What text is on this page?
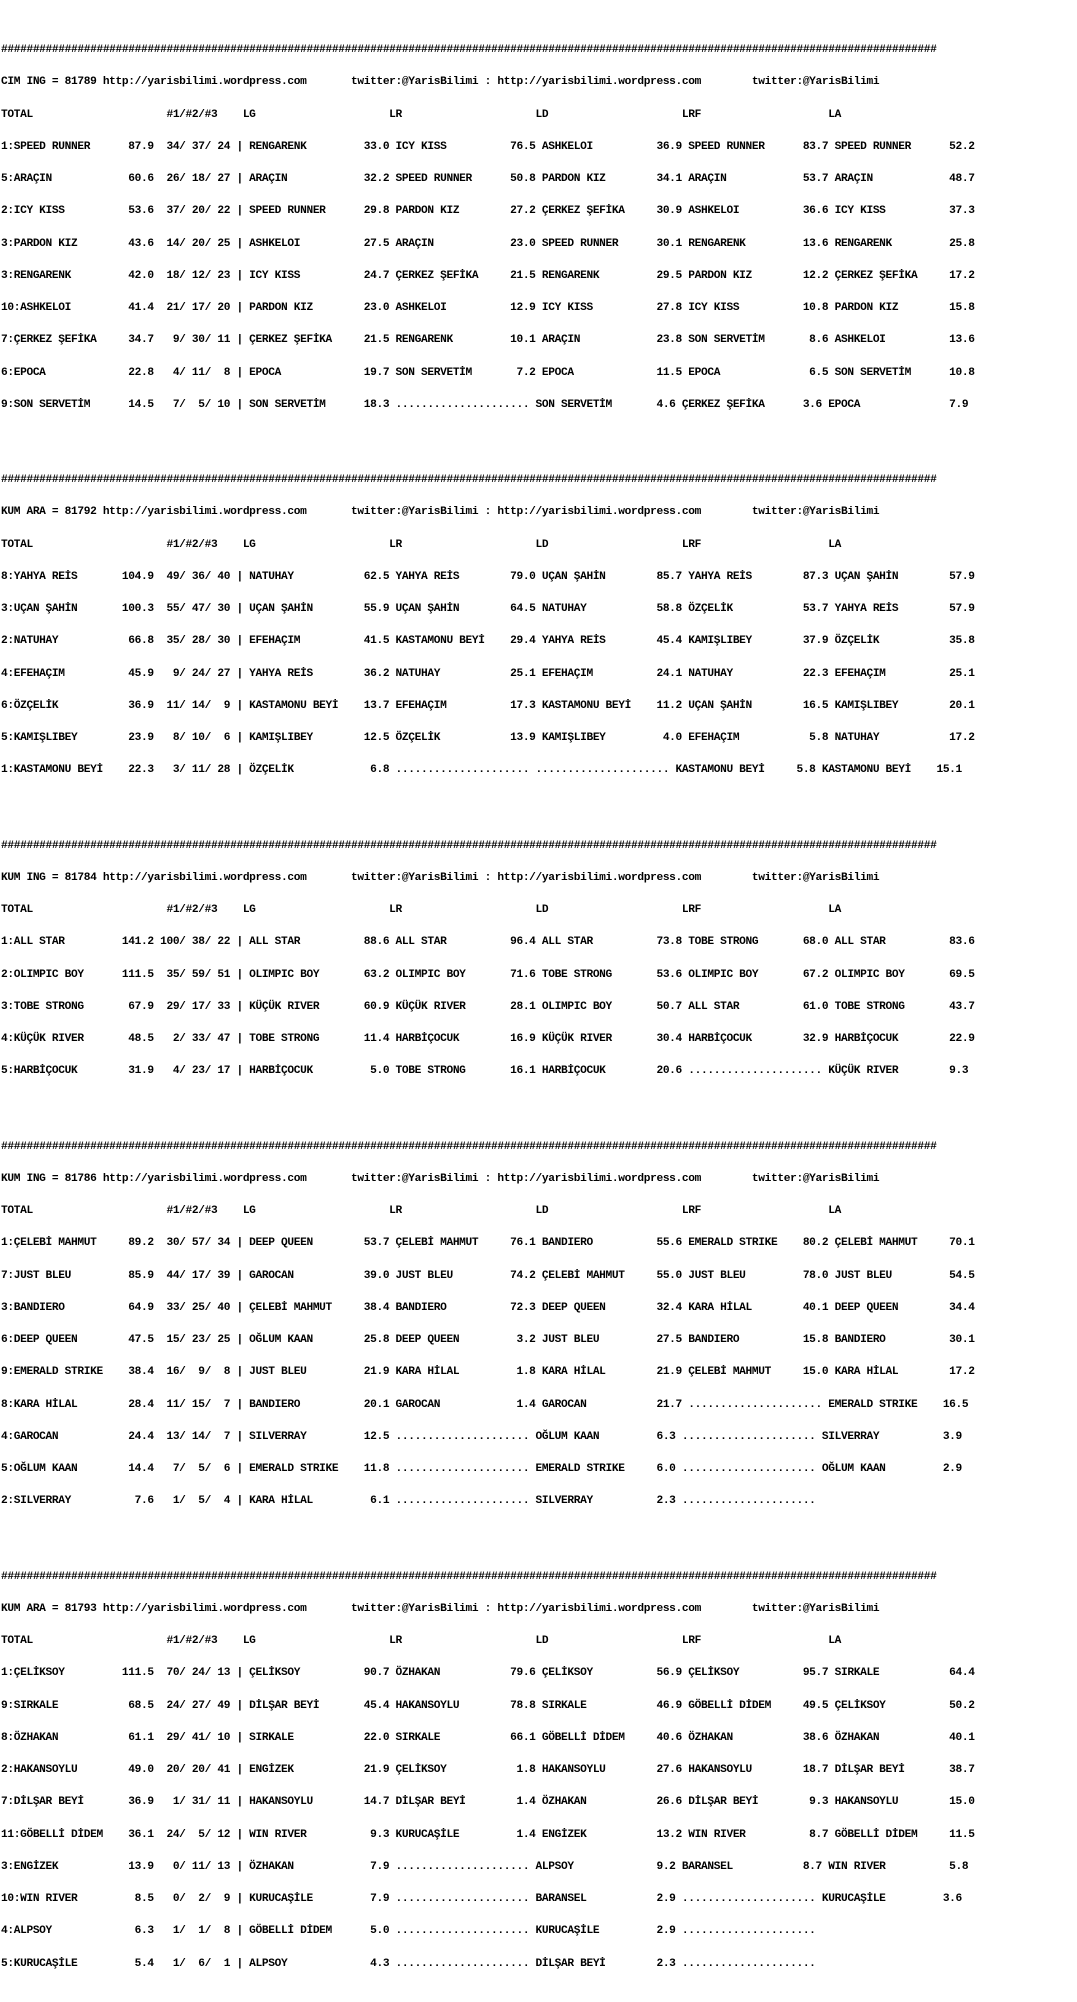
###################################################################################################################################################

CIM ING = 81789 http://yarisbilimi.wordpress.com       twitter:@YarisBilimi : http://yarisbilimi.wordpress.com        twitter:@YarisBilimi

TOTAL                     #1/#2/#3    LG                     LR                     LD                     LRF                    LA

1:SPEED RUNNER      87.9  34/ 37/ 24 | RENGARENK         33.0 ICY KISS          76.5 ASHKELOI          36.9 SPEED RUNNER      83.7 SPEED RUNNER      52.2

5:ARAÇIN            60.6  26/ 18/ 27 | ARAÇIN            32.2 SPEED RUNNER      50.8 PARDON KIZ        34.1 ARAÇIN            53.7 ARAÇIN            48.7

2:ICY KISS          53.6  37/ 20/ 22 | SPEED RUNNER      29.8 PARDON KIZ        27.2 ÇERKEZ ŞEFİKA     30.9 ASHKELOI          36.6 ICY KISS          37.3

3:PARDON KIZ        43.6  14/ 20/ 25 | ASHKELOI          27.5 ARAÇIN            23.0 SPEED RUNNER      30.1 RENGARENK         13.6 RENGARENK         25.8

3:RENGARENK         42.0  18/ 12/ 23 | ICY KISS          24.7 ÇERKEZ ŞEFİKA     21.5 RENGARENK         29.5 PARDON KIZ        12.2 ÇERKEZ ŞEFİKA     17.2

10:ASHKELOI         41.4  21/ 17/ 20 | PARDON KIZ        23.0 ASHKELOI          12.9 ICY KISS          27.8 ICY KISS          10.8 PARDON KIZ        15.8

7:ÇERKEZ ŞEFİKA     34.7   9/ 30/ 11 | ÇERKEZ ŞEFİKA     21.5 RENGARENK         10.1 ARAÇIN            23.8 SON SERVETİM       8.6 ASHKELOI          13.6

6:EPOCA             22.8   4/ 11/  8 | EPOCA             19.7 SON SERVETİM       7.2 EPOCA             11.5 EPOCA              6.5 SON SERVETİM      10.8

9:SON SERVETİM      14.5   7/  5/ 10 | SON SERVETİM      18.3 ..................... SON SERVETİM       4.6 ÇERKEZ ŞEFİKA      3.6 EPOCA              7.9

###################################################################################################################################################

KUM ARA = 81792 http://yarisbilimi.wordpress.com       twitter:@YarisBilimi : http://yarisbilimi.wordpress.com        twitter:@YarisBilimi

TOTAL                     #1/#2/#3    LG                     LR                     LD                     LRF                    LA

8:YAHYA REİS       104.9  49/ 36/ 40 | NATUHAY           62.5 YAHYA REİS        79.0 UÇAN ŞAHİN        85.7 YAHYA REİS        87.3 UÇAN ŞAHİN        57.9

3:UÇAN ŞAHİN       100.3  55/ 47/ 30 | UÇAN ŞAHİN        55.9 UÇAN ŞAHİN        64.5 NATUHAY           58.8 ÖZÇELİK           53.7 YAHYA REİS        57.9

2:NATUHAY           66.8  35/ 28/ 30 | EFEHAÇIM          41.5 KASTAMONU BEYİ    29.4 YAHYA REİS        45.4 KAMIŞLIBEY        37.9 ÖZÇELİK           35.8

4:EFEHAÇIM          45.9   9/ 24/ 27 | YAHYA REİS        36.2 NATUHAY           25.1 EFEHAÇIM          24.1 NATUHAY           22.3 EFEHAÇIM          25.1

6:ÖZÇELİK           36.9  11/ 14/  9 | KASTAMONU BEYİ    13.7 EFEHAÇIM          17.3 KASTAMONU BEYİ    11.2 UÇAN ŞAHİN        16.5 KAMIŞLIBEY        20.1

5:KAMIŞLIBEY        23.9   8/ 10/  6 | KAMIŞLIBEY        12.5 ÖZÇELİK           13.9 KAMIŞLIBEY         4.0 EFEHAÇIM           5.8 NATUHAY           17.2

1:KASTAMONU BEYİ    22.3   3/ 11/ 28 | ÖZÇELİK            6.8 ..................... ..................... KASTAMONU BEYİ     5.8 KASTAMONU BEYİ    15.1

###################################################################################################################################################

KUM ING = 81784 http://yarisbilimi.wordpress.com       twitter:@YarisBilimi : http://yarisbilimi.wordpress.com        twitter:@YarisBilimi

TOTAL                     #1/#2/#3    LG                     LR                     LD                     LRF                    LA

1:ALL STAR         141.2 100/ 38/ 22 | ALL STAR          88.6 ALL STAR          96.4 ALL STAR          73.8 TOBE STRONG       68.0 ALL STAR          83.6

2:OLIMPIC BOY      111.5  35/ 59/ 51 | OLIMPIC BOY       63.2 OLIMPIC BOY       71.6 TOBE STRONG       53.6 OLIMPIC BOY       67.2 OLIMPIC BOY       69.5

3:TOBE STRONG       67.9  29/ 17/ 33 | KÜÇÜK RIVER       60.9 KÜÇÜK RIVER       28.1 OLIMPIC BOY       50.7 ALL STAR          61.0 TOBE STRONG       43.7

4:KÜÇÜK RIVER       48.5   2/ 33/ 47 | TOBE STRONG       11.4 HARBİÇOCUK        16.9 KÜÇÜK RIVER       30.4 HARBİÇOCUK        32.9 HARBİÇOCUK        22.9

5:HARBİÇOCUK        31.9   4/ 23/ 17 | HARBİÇOCUK         5.0 TOBE STRONG       16.1 HARBİÇOCUK        20.6 ..................... KÜÇÜK RIVER        9.3

###################################################################################################################################################

KUM ING = 81786 http://yarisbilimi.wordpress.com       twitter:@YarisBilimi : http://yarisbilimi.wordpress.com        twitter:@YarisBilimi

TOTAL                     #1/#2/#3    LG                     LR                     LD                     LRF                    LA

1:ÇELEBİ MAHMUT     89.2  30/ 57/ 34 | DEEP QUEEN        53.7 ÇELEBİ MAHMUT     76.1 BANDIERO          55.6 EMERALD STRIKE    80.2 ÇELEBİ MAHMUT     70.1

7:JUST BLEU         85.9  44/ 17/ 39 | GAROCAN           39.0 JUST BLEU         74.2 ÇELEBİ MAHMUT     55.0 JUST BLEU         78.0 JUST BLEU         54.5

3:BANDIERO          64.9  33/ 25/ 40 | ÇELEBİ MAHMUT     38.4 BANDIERO          72.3 DEEP QUEEN        32.4 KARA HİLAL        40.1 DEEP QUEEN        34.4

6:DEEP QUEEN        47.5  15/ 23/ 25 | OĞLUM KAAN        25.8 DEEP QUEEN         3.2 JUST BLEU         27.5 BANDIERO          15.8 BANDIERO          30.1

9:EMERALD STRIKE    38.4  16/  9/  8 | JUST BLEU         21.9 KARA HİLAL         1.8 KARA HİLAL        21.9 ÇELEBİ MAHMUT     15.0 KARA HİLAL        17.2

8:KARA HİLAL        28.4  11/ 15/  7 | BANDIERO          20.1 GAROCAN            1.4 GAROCAN           21.7 ..................... EMERALD STRIKE    16.5

4:GAROCAN           24.4  13/ 14/  7 | SILVERRAY         12.5 ..................... OĞLUM KAAN         6.3 ..................... SILVERRAY          3.9

5:OĞLUM KAAN        14.4   7/  5/  6 | EMERALD STRIKE    11.8 ..................... EMERALD STRIKE     6.0 ..................... OĞLUM KAAN         2.9

2:SILVERRAY          7.6   1/  5/  4 | KARA HİLAL         6.1 ..................... SILVERRAY          2.3 .....................

###################################################################################################################################################

KUM ARA = 81793 http://yarisbilimi.wordpress.com       twitter:@YarisBilimi : http://yarisbilimi.wordpress.com        twitter:@YarisBilimi

TOTAL                     #1/#2/#3    LG                     LR                     LD                     LRF                    LA

1:ÇELİKSOY         111.5  70/ 24/ 13 | ÇELİKSOY          90.7 ÖZHAKAN           79.6 ÇELİKSOY          56.9 ÇELİKSOY          95.7 SIRKALE           64.4

9:SIRKALE           68.5  24/ 27/ 49 | DİLŞAR BEYİ       45.4 HAKANSOYLU        78.8 SIRKALE           46.9 GÖBELLİ DİDEM     49.5 ÇELİKSOY          50.2

8:ÖZHAKAN           61.1  29/ 41/ 10 | SIRKALE           22.0 SIRKALE           66.1 GÖBELLİ DİDEM     40.6 ÖZHAKAN           38.6 ÖZHAKAN           40.1

2:HAKANSOYLU        49.0  20/ 20/ 41 | ENGİZEK           21.9 ÇELİKSOY           1.8 HAKANSOYLU        27.6 HAKANSOYLU        18.7 DİLŞAR BEYİ       38.7

7:DİLŞAR BEYİ       36.9   1/ 31/ 11 | HAKANSOYLU        14.7 DİLŞAR BEYİ        1.4 ÖZHAKAN           26.6 DİLŞAR BEYİ        9.3 HAKANSOYLU        15.0

11:GÖBELLİ DİDEM    36.1  24/  5/ 12 | WIN RIVER          9.3 KURUCAŞİLE         1.4 ENGİZEK           13.2 WIN RIVER          8.7 GÖBELLİ DİDEM     11.5

3:ENGİZEK           13.9   0/ 11/ 13 | ÖZHAKAN            7.9 ..................... ALPSOY             9.2 BARANSEL           8.7 WIN RIVER          5.8

10:WIN RIVER         8.5   0/  2/  9 | KURUCAŞİLE         7.9 ..................... BARANSEL           2.9 ..................... KURUCAŞİLE         3.6

4:ALPSOY             6.3   1/  1/  8 | GÖBELLİ DİDEM      5.0 ..................... KURUCAŞİLE         2.9 .....................

5:KURUCAŞİLE         5.4   1/  6/  1 | ALPSOY             4.3 ..................... DİLŞAR BEYİ        2.3 .....................
